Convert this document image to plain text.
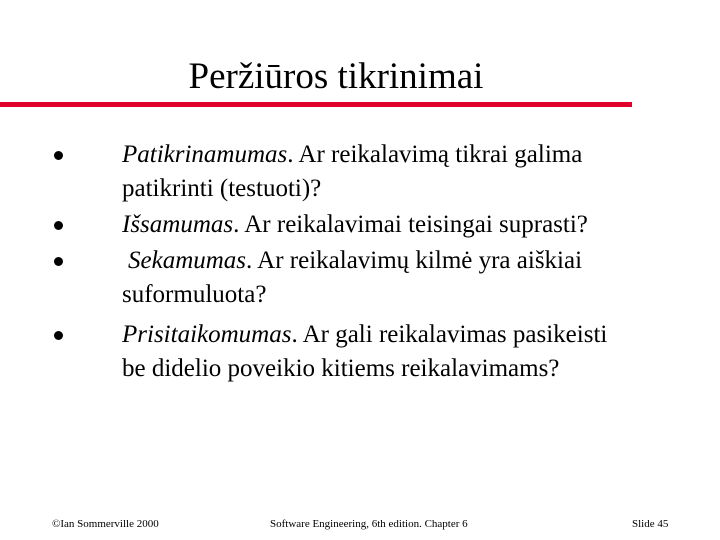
Peržiūros tikrinimai
Patikrinamumas. Ar reikalavimą tikrai galima
patikrinti (testuoti)?
Išsamumas. Ar reikalavimai teisingai suprasti?
Sekamumas. Ar reikalavimų kilmė yra aiškiai
suformuluota?
Prisitaikomumas. Ar gali reikalavimas pasikeisti
be didelio poveikio kitiems reikalavimams?
©Ian Sommerville 2000	Software Engineering, 6th edition. Chapter 6	Slide 45
